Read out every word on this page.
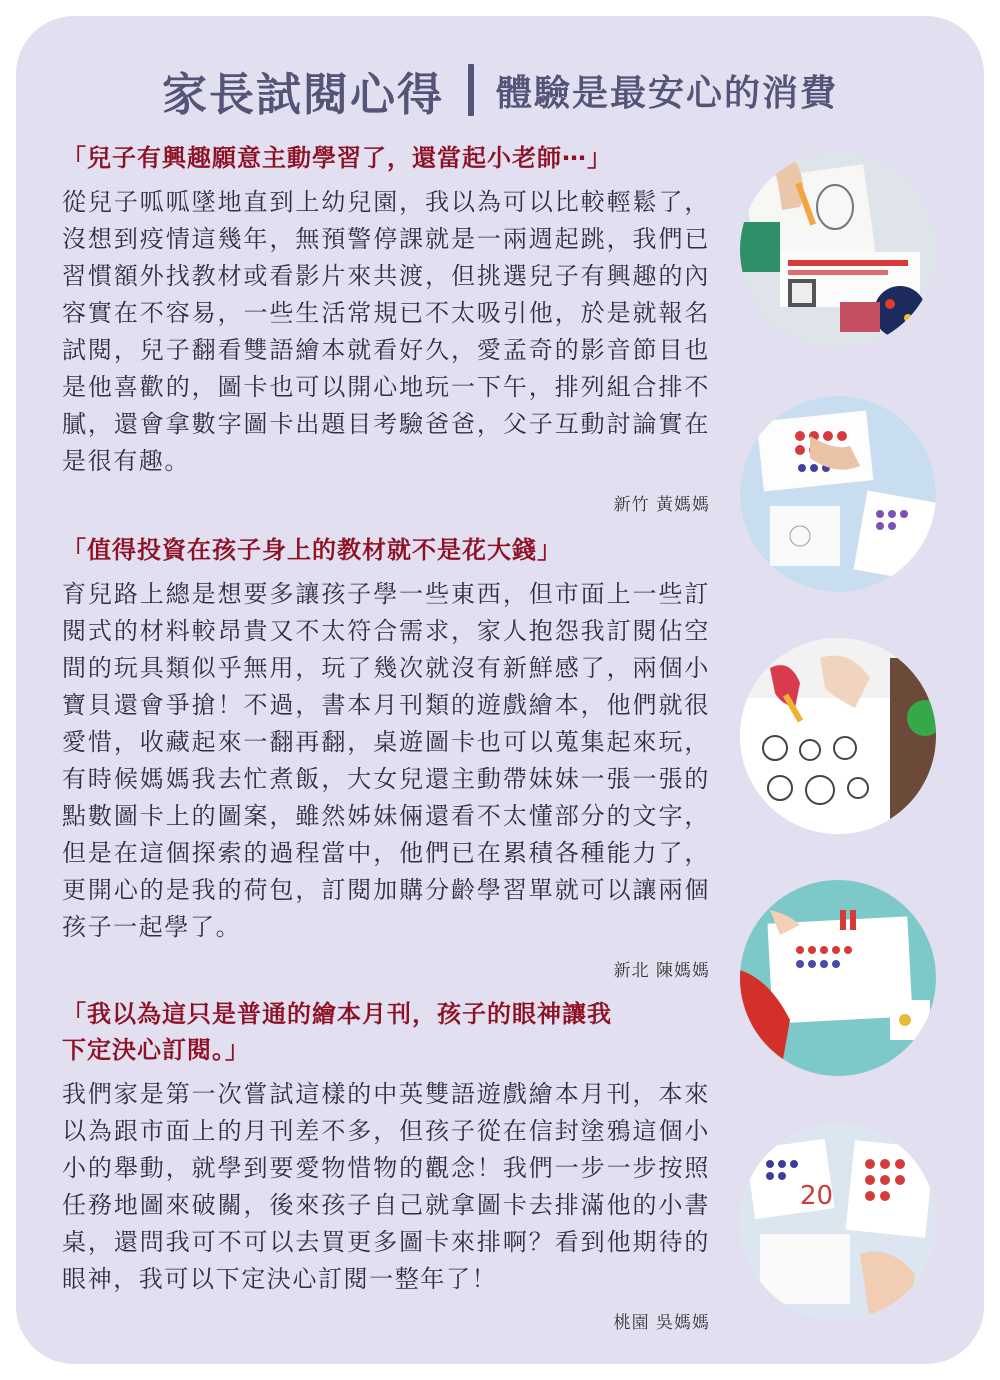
家長試閱心得 體驗是最安心的消費

「兒子有興趣願意主動學習了，還當起小老師⋯」

從兒子呱呱墜地直到上幼兒園，我以為可以比較輕鬆了，沒想到疫情這幾年，無預警停課就是一兩週起跳，我們已習慣額外找教材或看影片來共渡，但挑選兒子有興趣的內容實在不容易，一些生活常規已不太吸引他，於是就報名試閱，兒子翻看雙語繪本就看好久，愛孟奇的影音節目也是他喜歡的，圖卡也可以開心地玩一下午，排列組合排不膩，還會拿數字圖卡出題目考驗爸爸，父子互動討論實在是很有趣。

新竹 黃媽媽

「值得投資在孩子身上的教材就不是花大錢」

育兒路上總是想要多讓孩子學一些東西，但市面上一些訂閱式的材料較昂貴又不太符合需求，家人抱怨我訂閱佔空間的玩具類似乎無用，玩了幾次就沒有新鮮感了，兩個小寶貝還會爭搶！不過，書本月刊類的遊戲繪本，他們就很愛惜，收藏起來一翻再翻，桌遊圖卡也可以蒐集起來玩，有時候媽媽我去忙煮飯，大女兒還主動帶妹妹一張一張的點數圖卡上的圖案，雖然姊妹倆還看不太懂部分的文字，但是在這個探索的過程當中，他們已在累積各種能力了，更開心的是我的荷包，訂閱加購分齡學習單就可以讓兩個孩子一起學了。

新北 陳媽媽

「我以為這只是普通的繪本月刊，孩子的眼神讓我
下定決心訂閱。」

我們家是第一次嘗試這樣的中英雙語遊戲繪本月刊，本來以為跟市面上的月刊差不多，但孩子從在信封塗鴉這個小小的舉動，就學到要愛物惜物的觀念！我們一步一步按照任務地圖來破關，後來孩子自己就拿圖卡去排滿他的小書桌，還問我可不可以去買更多圖卡來排啊？看到他期待的眼神，我可以下定決心訂閱一整年了！

桃園 吳媽媽
20
